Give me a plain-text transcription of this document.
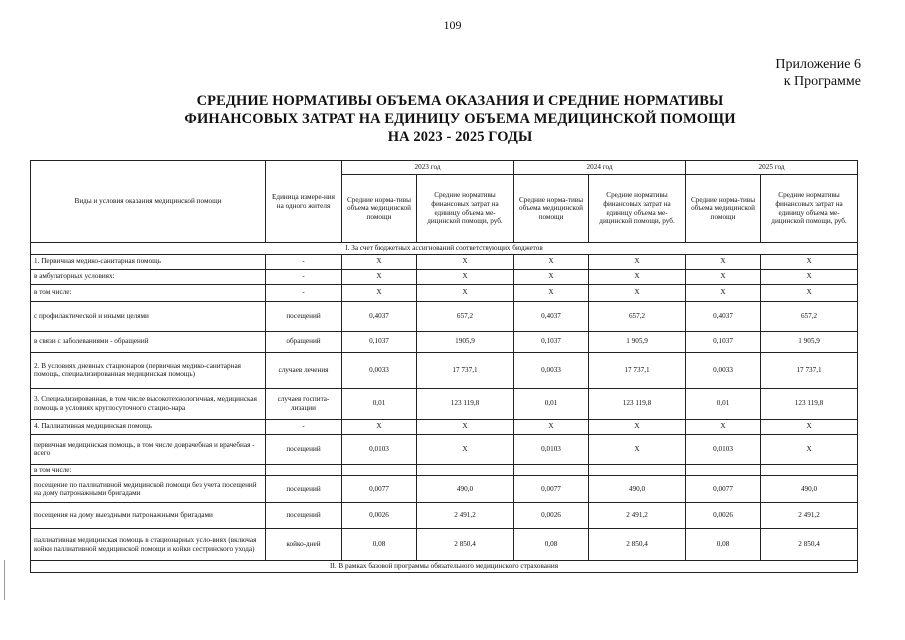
109
Приложение 6
к Программе
СРЕДНИЕ НОРМАТИВЫ ОБЪЕМА ОКАЗАНИЯ И СРЕДНИЕ НОРМАТИВЫ
ФИНАНСОВЫХ ЗАТРАТ НА ЕДИНИЦУ ОБЪЕМА МЕДИЦИНСКОЙ ПОМОЩИ
НА 2023 - 2025 ГОДЫ
Виды и условия оказания медицинской помощи	Единица измере-ния на одного жителя	2023 год		2024 год		2025 год	
		Средние норма-тивы объема медицинской помощи	Средние нормативы финансовых затрат на единицу объема ме-дицинской помощи, руб.	Средние норма-тивы объема медицинской помощи	Средние нормативы финансовых затрат на единицу объема ме-дицинской помощи, руб.	Средние норма-тивы объема медицинской помощи	Средние нормативы финансовых затрат на единицу объема ме-дицинской помощи, руб.
I. За счет бюджетных ассигнований соответствующих бюджетов							
1. Первичная медико-санитарная помощь	-	X	X	X	X	X	X
в амбулаторных условиях:	-	X	X	X	X	X	X
в том числе:	-	X	X	X	X	X	X
с профилактической и иными целями	посещений	0,4037	657,2	0,4037	657,2	0,4037	657,2
в связи с заболеваниями - обращений	обращений	0,1037	1905,9	0,1037	1 905,9	0,1037	1 905,9
2. В условиях дневных стационаров (первичная медико-санитарная помощь, специализированная медицинская помощь)	случаев лечения	0,0033	17 737,1	0,0033	17 737,1	0,0033	17 737,1
3. Специализированная, в том числе высокотехнологичная, медицинская помощь в условиях круглосуточного стацио-нара	случаев госпита-лизации	0,01	123 119,8	0,01	123 119,8	0,01	123 119,8
4. Паллиативная медицинская помощь	-	X	X	X	X	X	X
первичная медицинская помощь, в том числе доврачебная и врачебная - всего	посещений	0,0103	X	0,0103	X	0,0103	X
в том числе:							
посещение по паллиативной медицинской помощи без учета посещений на дому патронажными бригадами	посещений	0,0077	490,0	0,0077	490,0	0,0077	490,0
посещения на дому выездными патронажными бригадами	посещений	0,0026	2 491,2	0,0026	2 491,2	0,0026	2 491,2
паллиативная медицинская помощь в стационарных усло-виях (включая койки паллиативной медицинской помощи и койки сестринского ухода)	койко-дней	0,08	2 850,4	0,08	2 850,4	0,08	2 850,4
II. В рамках базовой программы обязательного медицинского страхования							
